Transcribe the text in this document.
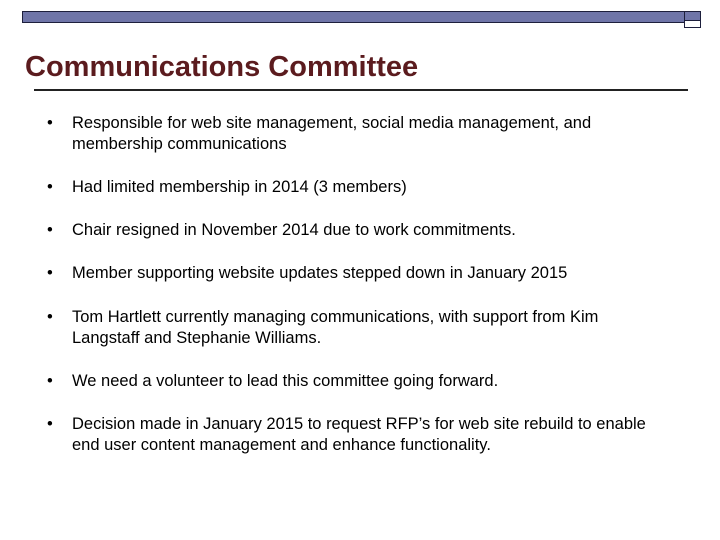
Communications Committee
• Responsible for web site management, social media management, and membership communications
• Had limited membership in 2014 (3 members)
• Chair resigned in November 2014 due to work commitments.
• Member supporting website updates stepped down in January 2015
• Tom Hartlett currently managing communications, with support from Kim Langstaff and Stephanie Williams.
• We need a volunteer to lead this committee going forward.
• Decision made in January 2015 to request RFP’s for web site rebuild to enable end user content management and enhance functionality.
